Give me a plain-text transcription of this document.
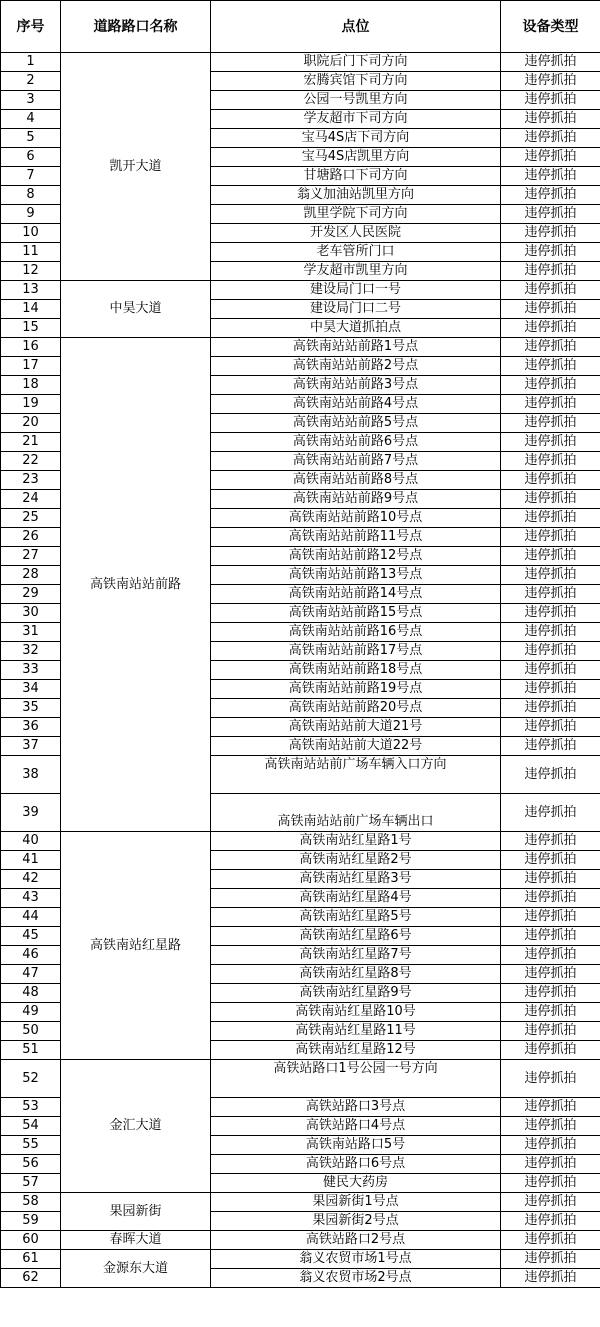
序号	道路路口名称	点位	设备类型
1	凯开大道	职院后门下司方向	违停抓拍
2		宏腾宾馆下司方向	违停抓拍
3		公园一号凯里方向	违停抓拍
4		学友超市下司方向	违停抓拍
5		宝马4S店下司方向	违停抓拍
6		宝马4S店凯里方向	违停抓拍
7		甘塘路口下司方向	违停抓拍
8		翁义加油站凯里方向	违停抓拍
9		凯里学院下司方向	违停抓拍
10		开发区人民医院	违停抓拍
11		老车管所门口	违停抓拍
12		学友超市凯里方向	违停抓拍
13	中昊大道	建设局门口一号	违停抓拍
14		建设局门口二号	违停抓拍
15		中昊大道抓拍点	违停抓拍
16	高铁南站站前路	高铁南站站前路1号点	违停抓拍
17		高铁南站站前路2号点	违停抓拍
18		高铁南站站前路3号点	违停抓拍
19		高铁南站站前路4号点	违停抓拍
20		高铁南站站前路5号点	违停抓拍
21		高铁南站站前路6号点	违停抓拍
22		高铁南站站前路7号点	违停抓拍
23		高铁南站站前路8号点	违停抓拍
24		高铁南站站前路9号点	违停抓拍
25		高铁南站站前路10号点	违停抓拍
26		高铁南站站前路11号点	违停抓拍
27		高铁南站站前路12号点	违停抓拍
28		高铁南站站前路13号点	违停抓拍
29		高铁南站站前路14号点	违停抓拍
30		高铁南站站前路15号点	违停抓拍
31		高铁南站站前路16号点	违停抓拍
32		高铁南站站前路17号点	违停抓拍
33		高铁南站站前路18号点	违停抓拍
34		高铁南站站前路19号点	违停抓拍
35		高铁南站站前路20号点	违停抓拍
36		高铁南站站前大道21号	违停抓拍
37		高铁南站站前大道22号	违停抓拍
38		高铁南站站前广场车辆入口方向	违停抓拍
39		高铁南站站前广场车辆出口	违停抓拍
40	高铁南站红星路	高铁南站红星路1号	违停抓拍
41		高铁南站红星路2号	违停抓拍
42		高铁南站红星路3号	违停抓拍
43		高铁南站红星路4号	违停抓拍
44		高铁南站红星路5号	违停抓拍
45		高铁南站红星路6号	违停抓拍
46		高铁南站红星路7号	违停抓拍
47		高铁南站红星路8号	违停抓拍
48		高铁南站红星路9号	违停抓拍
49		高铁南站红星路10号	违停抓拍
50		高铁南站红星路11号	违停抓拍
51		高铁南站红星路12号	违停抓拍
52	金汇大道	高铁站路口1号公园一号方向	违停抓拍
53		高铁站路口3号点	违停抓拍
54		高铁站路口4号点	违停抓拍
55		高铁南站路口5号	违停抓拍
56		高铁站路口6号点	违停抓拍
57		健民大药房	违停抓拍
58	果园新街	果园新街1号点	违停抓拍
59		果园新街2号点	违停抓拍
60	春晖大道	高铁站路口2号点	违停抓拍
61	金源东大道	翁义农贸市场1号点	违停抓拍
62		翁义农贸市场2号点	违停抓拍
